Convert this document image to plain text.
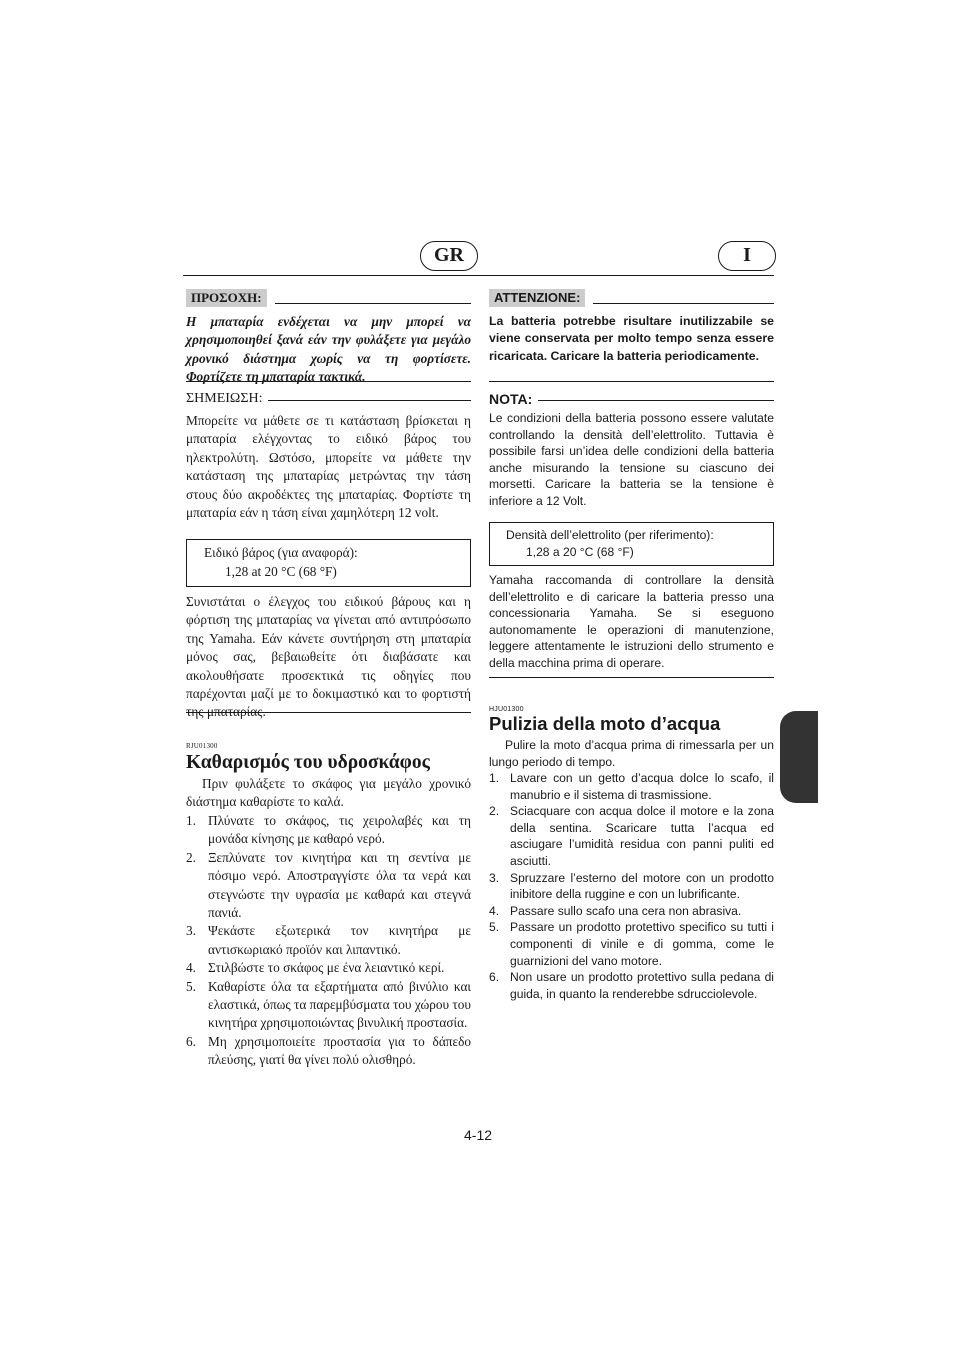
GR	I
ΠΡΟΣΟΧΗ:
Η μπαταρία ενδέχεται να μην μπορεί να χρησιμοποιηθεί ξανά εάν την φυλάξετε για μεγάλο χρονικό διάστημα χωρίς να τη φορτίσετε. Φορτίζετε τη μπαταρία τακτικά.
ΣΗΜΕΙΩΣΗ:
Μπορείτε να μάθετε σε τι κατάσταση βρίσκεται η μπαταρία ελέγχοντας το ειδικό βάρος του ηλεκτρολύτη. Ωστόσο, μπορείτε να μάθετε την κατάσταση της μπαταρίας μετρώντας την τάση στους δύο ακροδέκτες της μπαταρίας. Φορτίστε τη μπαταρία εάν η τάση είναι χαμηλότερη 12 volt.
Ειδικό βάρος (για αναφορά):
1,28 at 20 °C (68 °F)
Συνιστάται ο έλεγχος του ειδικού βάρους και η φόρτιση της μπαταρίας να γίνεται από αντιπρόσωπο της Yamaha. Εάν κάνετε συντήρηση στη μπαταρία μόνος σας, βεβαιωθείτε ότι διαβάσατε και ακολουθήσατε προσεκτικά τις οδηγίες που παρέχονται μαζί με το δοκιμαστικό και το φορτιστή της μπαταρίας.
RJU01300
Καθαρισμός του υδροσκάφος
Πριν φυλάξετε το σκάφος για μεγάλο χρονικό διάστημα καθαρίστε το καλά.
1. Πλύνατε το σκάφος, τις χειρολαβές και τη μονάδα κίνησης με καθαρό νερό.
2. Ξεπλύνατε τον κινητήρα και τη σεντίνα με πόσιμο νερό. Αποστραγγίστε όλα τα νερά και στεγνώστε την υγρασία με καθαρά και στεγνά πανιά.
3. Ψεκάστε εξωτερικά τον κινητήρα με αντισκωριακό προϊόν και λιπαντικό.
4. Στιλβώστε το σκάφος με ένα λειαντικό κερί.
5. Καθαρίστε όλα τα εξαρτήματα από βινύλιο και ελαστικά, όπως τα παρεμβύσματα του χώρου του κινητήρα χρησιμοποιώντας βινυλική προστασία.
6. Μη χρησιμοποιείτε προστασία για το δάπεδο πλεύσης, γιατί θα γίνει πολύ ολισθηρό.
ATTENZIONE:
La batteria potrebbe risultare inutilizzabile se viene conservata per molto tempo senza essere ricaricata. Caricare la batteria periodicamente.
NOTA:
Le condizioni della batteria possono essere valutate controllando la densità dell’elettrolito. Tuttavia è possibile farsi un’idea delle condizioni della batteria anche misurando la tensione su ciascuno dei morsetti. Caricare la batteria se la tensione è inferiore a 12 Volt.
Densità dell’elettrolito (per riferimento):
1,28 a 20 °C (68 °F)
Yamaha raccomanda di controllare la densità dell’elettrolito e di caricare la batteria presso una concessionaria Yamaha. Se si eseguono autonomamente le operazioni di manutenzione, leggere attentamente le istruzioni dello strumento e della macchina prima di operare.
HJU01300
Pulizia della moto d’acqua
Pulire la moto d’acqua prima di rimessarla per un lungo periodo di tempo.
1. Lavare con un getto d’acqua dolce lo scafo, il manubrio e il sistema di trasmissione.
2. Sciacquare con acqua dolce il motore e la zona della sentina. Scaricare tutta l’acqua ed asciugare l’umidità residua con panni puliti ed asciutti.
3. Spruzzare l’esterno del motore con un prodotto inibitore della ruggine e con un lubrificante.
4. Passare sullo scafo una cera non abrasiva.
5. Passare un prodotto protettivo specifico su tutti i componenti di vinile e di gomma, come le guarnizioni del vano motore.
6. Non usare un prodotto protettivo sulla pedana di guida, in quanto la renderebbe sdrucciolevole.
4-12
